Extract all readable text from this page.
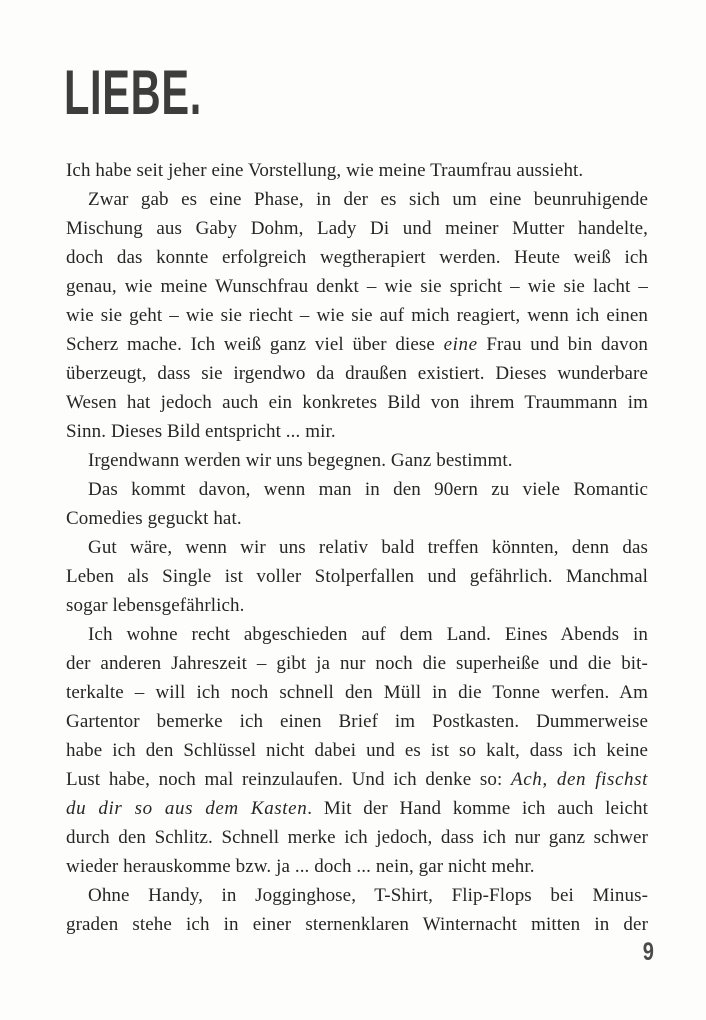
LIEBE.
Ich habe seit jeher eine Vorstellung, wie meine Traumfrau aussieht.
Zwar gab es eine Phase, in der es sich um eine beunruhigende
Mischung aus Gaby Dohm, Lady Di und meiner Mutter handelte,
doch das konnte erfolgreich wegtherapiert werden. Heute weiß ich
genau, wie meine Wunschfrau denkt – wie sie spricht – wie sie lacht –
wie sie geht – wie sie riecht – wie sie auf mich reagiert, wenn ich einen
Scherz mache. Ich weiß ganz viel über diese eine Frau und bin davon
überzeugt, dass sie irgendwo da draußen existiert. Dieses wunderbare
Wesen hat jedoch auch ein konkretes Bild von ihrem Traummann im
Sinn. Dieses Bild entspricht ... mir.
Irgendwann werden wir uns begegnen. Ganz bestimmt.
Das kommt davon, wenn man in den 90ern zu viele Romantic
Comedies geguckt hat.
Gut wäre, wenn wir uns relativ bald treffen könnten, denn das
Leben als Single ist voller Stolperfallen und gefährlich. Manchmal
sogar lebensgefährlich.
Ich wohne recht abgeschieden auf dem Land. Eines Abends in
der anderen Jahreszeit – gibt ja nur noch die superheiße und die bit-
terkalte – will ich noch schnell den Müll in die Tonne werfen. Am
Gartentor bemerke ich einen Brief im Postkasten. Dummerweise
habe ich den Schlüssel nicht dabei und es ist so kalt, dass ich keine
Lust habe, noch mal reinzulaufen. Und ich denke so: Ach, den fischst
du dir so aus dem Kasten. Mit der Hand komme ich auch leicht
durch den Schlitz. Schnell merke ich jedoch, dass ich nur ganz schwer
wieder herauskomme bzw. ja ... doch ... nein, gar nicht mehr.
Ohne Handy, in Jogginghose, T-Shirt, Flip-Flops bei Minus-
graden stehe ich in einer sternenklaren Winternacht mitten in der
9
